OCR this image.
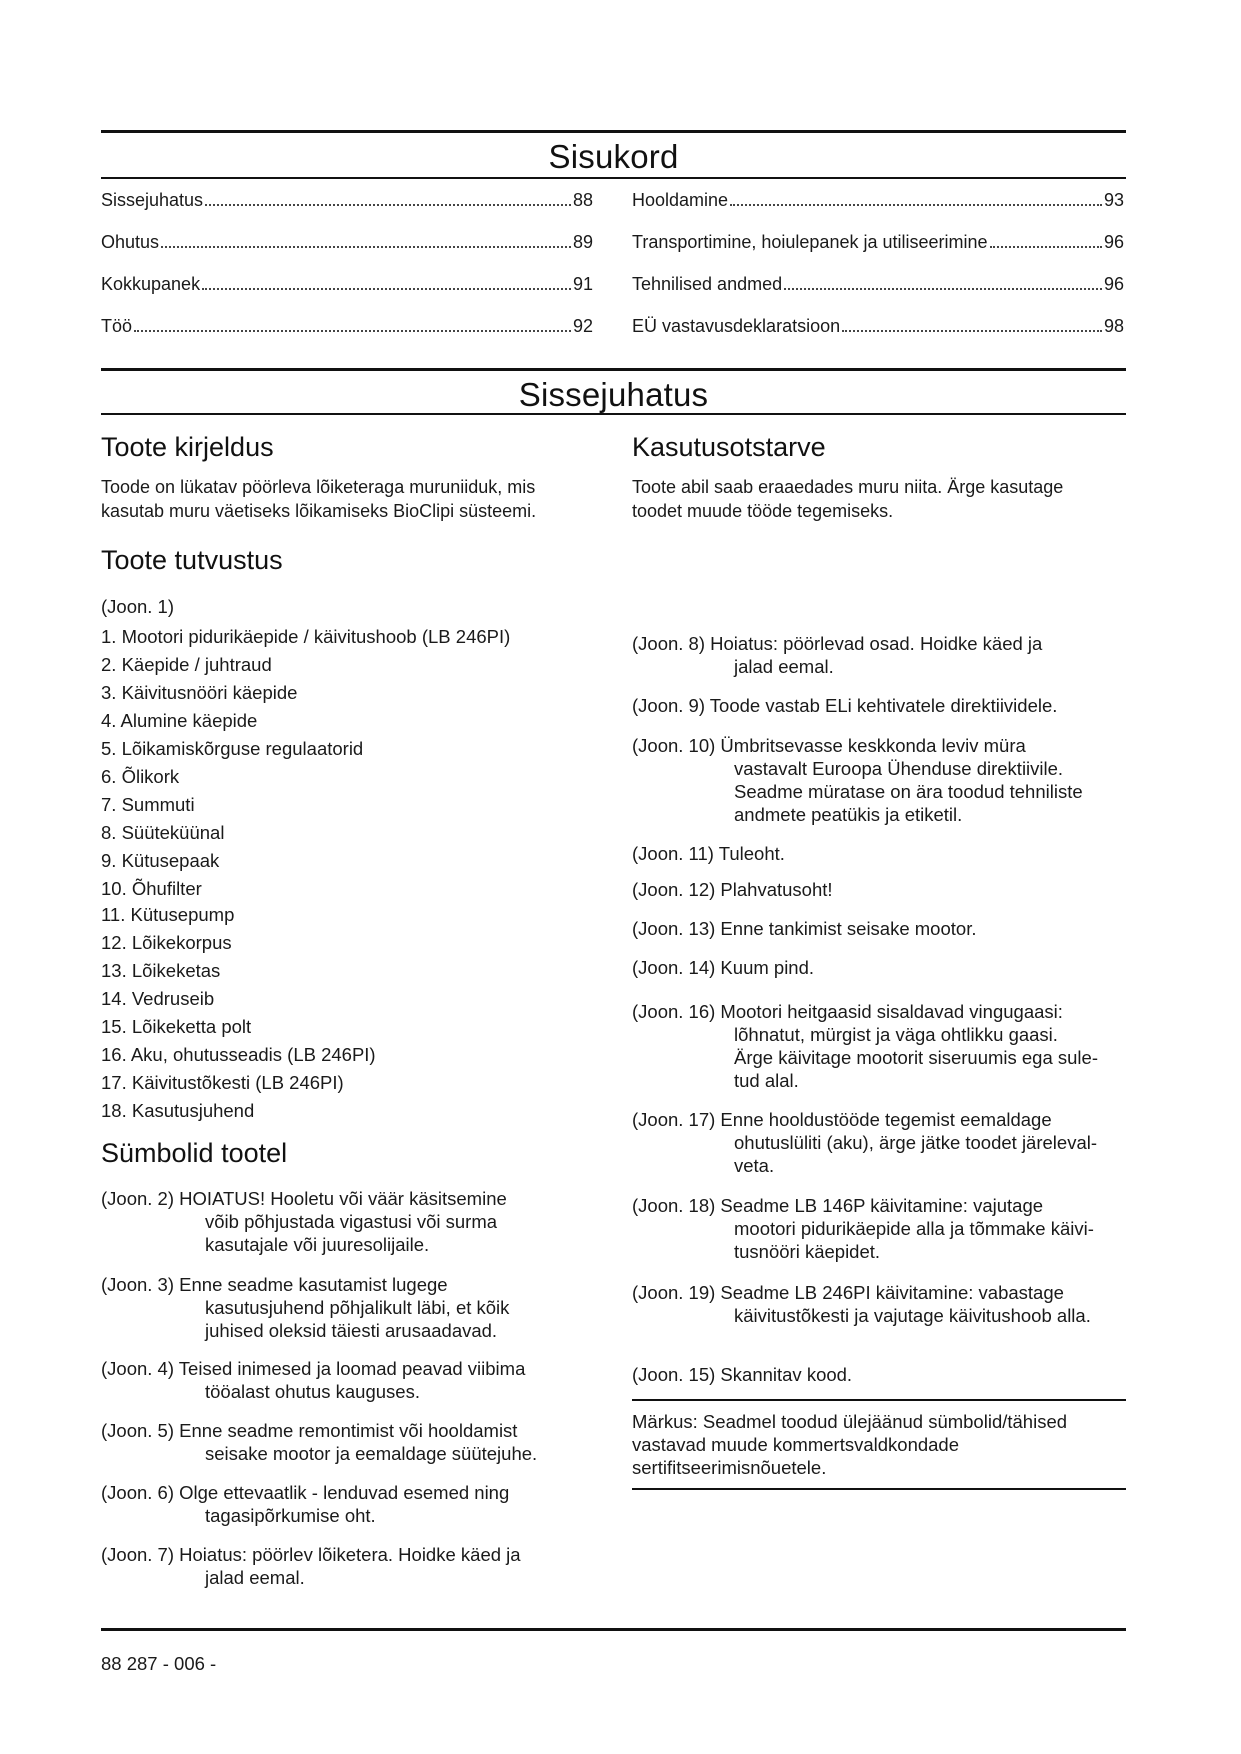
Sisukord
Sissejuhatus	88
Ohutus	89
Kokkupanek	91
Töö	92
Hooldamine	93
Transportimine, hoiulepanek ja utiliseerimine	96
Tehnilised andmed	96
EÜ vastavusdeklaratsioon	98
Sissejuhatus
Toote kirjeldus
Toode on lükatav pöörleva lõiketeraga muruniiduk, mis
kasutab muru väetiseks lõikamiseks BioClipi süsteemi.
Kasutusotstarve
Toote abil saab eraaedades muru niita. Ärge kasutage
toodet muude tööde tegemiseks.
Toote tutvustus
(Joon. 1)
1. Mootori pidurikäepide / käivitushoob (LB 246PI)
2. Käepide / juhtraud
3. Käivitusnööri käepide
4. Alumine käepide
5. Lõikamiskõrguse regulaatorid
6. Õlikork
7. Summuti
8. Süüteküünal
9. Kütusepaak
10. Õhufilter
11. Kütusepump
12. Lõikekorpus
13. Lõikeketas
14. Vedruseib
15. Lõikeketta polt
16. Aku, ohutusseadis (LB 246PI)
17. Käivitustõkesti (LB 246PI)
18. Kasutusjuhend
Sümbolid tootel
(Joon. 2) HOIATUS! Hooletu või väär käsitsemine
võib põhjustada vigastusi või surma
kasutajale või juuresolijaile.
(Joon. 3) Enne seadme kasutamist lugege
kasutusjuhend põhjalikult läbi, et kõik
juhised oleksid täiesti arusaadavad.
(Joon. 4) Teised inimesed ja loomad peavad viibima
tööalast ohutus kauguses.
(Joon. 5) Enne seadme remontimist või hooldamist
seisake mootor ja eemaldage süütejuhe.
(Joon. 6) Olge ettevaatlik - lenduvad esemed ning
tagasipõrkumise oht.
(Joon. 7) Hoiatus: pöörlev lõiketera. Hoidke käed ja
jalad eemal.
(Joon. 8) Hoiatus: pöörlevad osad. Hoidke käed ja
jalad eemal.
(Joon. 9) Toode vastab ELi kehtivatele direktiividele.
(Joon. 10) Ümbritsevasse keskkonda leviv müra
vastavalt Euroopa Ühenduse direktiivile.
Seadme müratase on ära toodud tehniliste
andmete peatükis ja etiketil.
(Joon. 11) Tuleoht.
(Joon. 12) Plahvatusoht!
(Joon. 13) Enne tankimist seisake mootor.
(Joon. 14) Kuum pind.
(Joon. 16) Mootori heitgaasid sisaldavad vingugaasi:
lõhnatut, mürgist ja väga ohtlikku gaasi.
Ärge käivitage mootorit siseruumis ega sule-
tud alal.
(Joon. 17) Enne hooldustööde tegemist eemaldage
ohutuslüliti (aku), ärge jätke toodet järeleval-
veta.
(Joon. 18) Seadme LB 146P käivitamine: vajutage
mootori pidurikäepide alla ja tõmmake käivi-
tusnööri käepidet.
(Joon. 19) Seadme LB 246PI käivitamine: vabastage
käivitustõkesti ja vajutage käivitushoob alla.
(Joon. 15) Skannitav kood.
Märkus: Seadmel toodud ülejäänud sümbolid/tähised
vastavad muude kommertsvaldkondade
sertifitseerimisnõuetele.
88 287 - 006 -
